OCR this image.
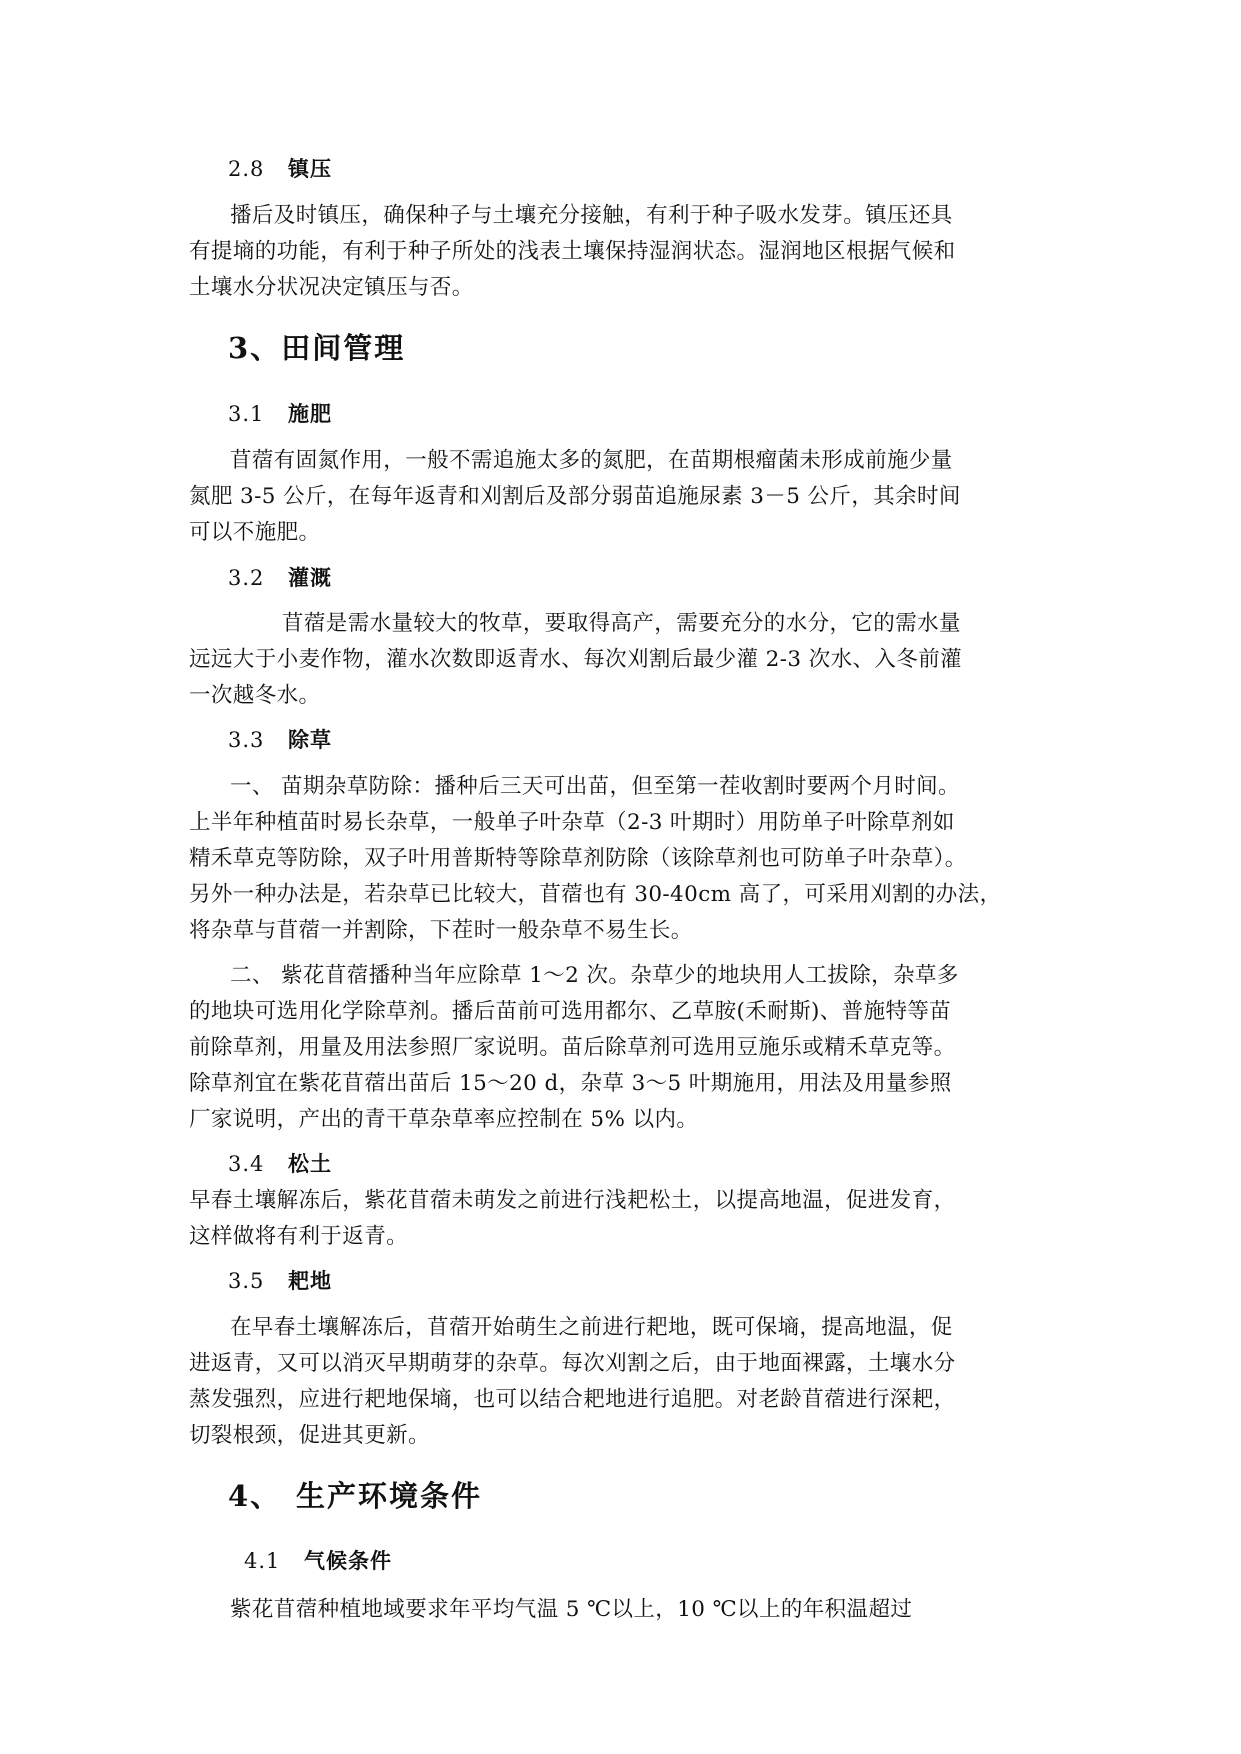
2.8 镇压
播后及时镇压，确保种子与土壤充分接触，有利于种子吸水发芽。镇压还具
有提墒的功能，有利于种子所处的浅表土壤保持湿润状态。湿润地区根据气候和
土壤水分状况决定镇压与否。
3、田间管理
3.1 施肥
苜蓿有固氮作用，一般不需追施太多的氮肥，在苗期根瘤菌未形成前施少量
氮肥 3-5 公斤，在每年返青和刈割后及部分弱苗追施尿素 3－5 公斤，其余时间
可以不施肥。
3.2 灌溉
苜蓿是需水量较大的牧草，要取得高产，需要充分的水分，它的需水量
远远大于小麦作物，灌水次数即返青水、每次刈割后最少灌 2-3 次水、入冬前灌
一次越冬水。
3.3 除草
一、 苗期杂草防除：播种后三天可出苗，但至第一茬收割时要两个月时间。
上半年种植苗时易长杂草，一般单子叶杂草（2-3 叶期时）用防单子叶除草剂如
精禾草克等防除，双子叶用普斯特等除草剂防除（该除草剂也可防单子叶杂草）。
另外一种办法是，若杂草已比较大，苜蓿也有 30-40cm 高了，可采用刈割的办法，
将杂草与苜蓿一并割除，下茬时一般杂草不易生长。
二、 紫花苜蓿播种当年应除草 1～2 次。杂草少的地块用人工拔除，杂草多
的地块可选用化学除草剂。播后苗前可选用都尔、乙草胺(禾耐斯)、普施特等苗
前除草剂，用量及用法参照厂家说明。苗后除草剂可选用豆施乐或精禾草克等。
除草剂宜在紫花苜蓿出苗后 15～20 d，杂草 3～5 叶期施用，用法及用量参照
厂家说明，产出的青干草杂草率应控制在 5% 以内。
3.4 松土
早春土壤解冻后，紫花苜蓿未萌发之前进行浅耙松土，以提高地温，促进发育，
这样做将有利于返青。
3.5 耙地
在早春土壤解冻后，苜蓿开始萌生之前进行耙地，既可保墒，提高地温，促
进返青，又可以消灭早期萌芽的杂草。每次刈割之后，由于地面裸露，土壤水分
蒸发强烈，应进行耙地保墒，也可以结合耙地进行追肥。对老龄苜蓿进行深耙，
切裂根颈，促进其更新。
4、 生产环境条件
4.1 气候条件
紫花苜蓿种植地域要求年平均气温 5 ℃以上，10 ℃以上的年积温超过
